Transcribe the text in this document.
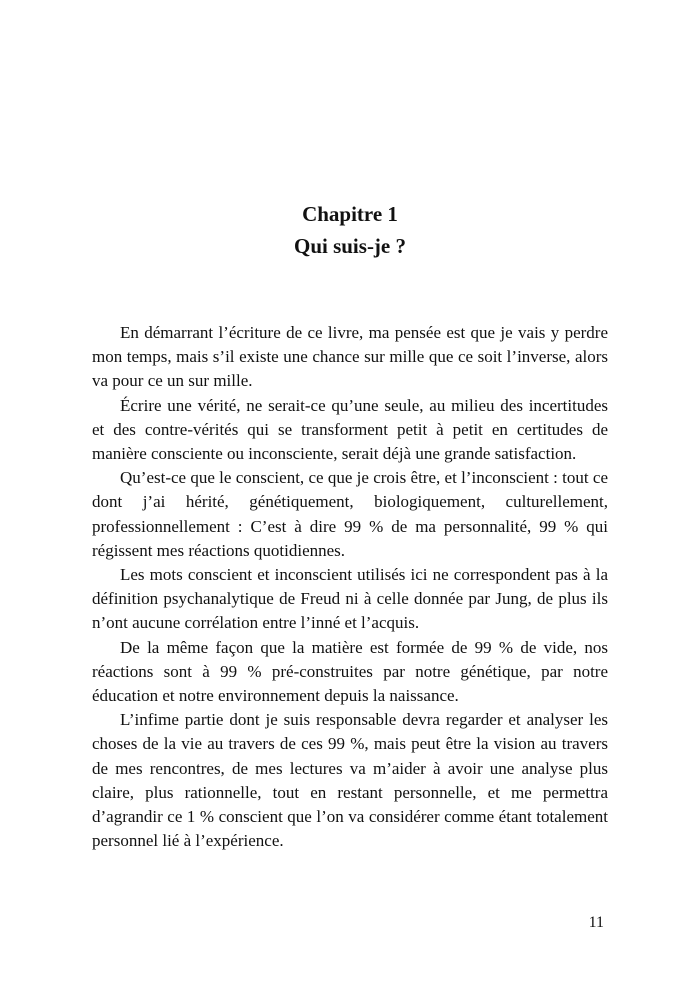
Chapitre 1
Qui suis-je ?

En démarrant l’écriture de ce livre, ma pensée est que je vais y perdre mon temps, mais s’il existe une chance sur mille que ce soit l’inverse, alors va pour ce un sur mille.

Écrire une vérité, ne serait-ce qu’une seule, au milieu des incertitudes et des contre-vérités qui se transforment petit à petit en certitudes de manière consciente ou inconsciente, serait déjà une grande satisfaction.

Qu’est-ce que le conscient, ce que je crois être, et l’inconscient : tout ce dont j’ai hérité, génétiquement, biologiquement, culturellement, professionnellement : C’est à dire 99 % de ma personnalité, 99 % qui régissent mes réactions quotidiennes.

Les mots conscient et inconscient utilisés ici ne correspondent pas à la définition psychanalytique de Freud ni à celle donnée par Jung, de plus ils n’ont aucune corrélation entre l’inné et l’acquis.

De la même façon que la matière est formée de 99 % de vide, nos réactions sont à 99 % pré-construites par notre génétique, par notre éducation et notre environnement depuis la naissance.

L’infime partie dont je suis responsable devra regarder et analyser les choses de la vie au travers de ces 99 %, mais peut être la vision au travers de mes rencontres, de mes lectures va m’aider à avoir une analyse plus claire, plus rationnelle, tout en restant personnelle, et me permettra d’agrandir ce 1 % conscient que l’on va considérer comme étant totalement personnel lié à l’expérience.

11
